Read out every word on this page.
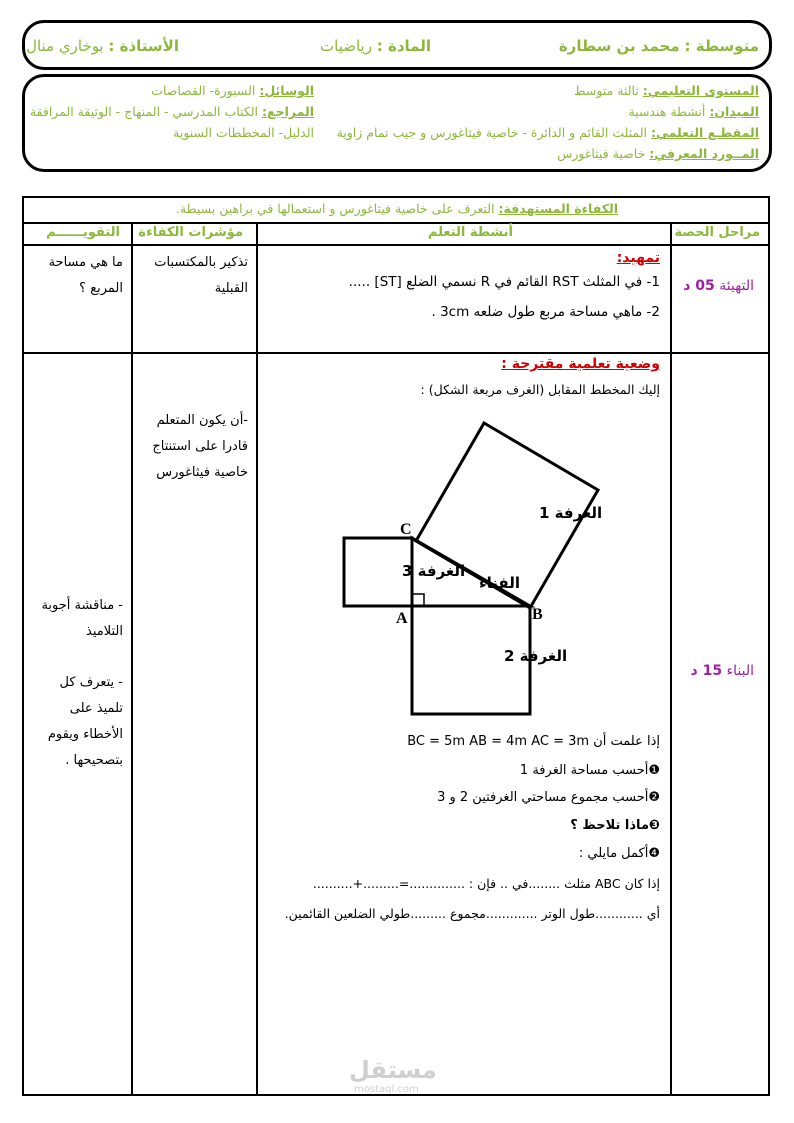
متوسطة : محمد بن سطارة
المادة : رياضيات
الأستاذة : بوخاري منال
المستوى التعليمي: ثالثة متوسط
الميدان: أنشطة هندسية
المقطـع التعلمي: المثلث القائم و الدائرة - خاصية فيثاغورس و جيب تمام زاوية
المــورد المعرفي: خاصية فيثاغورس
الوسائل: السبورة- القصاصات
المراجع: الكتاب المدرسي - المنهاج - الوثيقة المرافقة
الدليل- المخططات السنوية
الكفاءة المستهدفة: التعرف على خاصية فيثاغورس و استعمالها في براهين بسيطة.
مراحل الحصة
أنشطة التعلم
مؤشرات الكفاءة
التقويــــــم
التهيئة 05 د
تمهيد:
1- في المثلث RST القائم في R نسمي الضلع [ST] .....
2- ماهي مساحة مربع طول ضلعه 3cm .
تذكير بالمكتسبات القبلية
ما هي مساحة المربع ؟
البناء 15 د
وضعية تعلمية مقترحة :
إليك المخطط المقابل (الغرف مربعة الشكل) :
C
A	B
الغرفة 1
الغرفة 3
الفناء
الغرفة 2
إذا علمت أن BC = 5m AB = 4m AC = 3m
❶أحسب مساحة الغرفة 1
❷أحسب مجموع مساحتي الغرفتين 2 و 3
❸ماذا تلاحظ ؟
❹أكمل مايلي :
إذا كان ABC مثلث ........في .. فإن : ..............=.........+..........
أي ............طول الوتر .............مجموع .........طولي الضلعين القائمين.
-أن يكون المتعلم قادرا على استنتاج خاصية فيثاغورس
- مناقشة أجوبة التلاميذ
- يتعرف كل تلميذ على الأخطاء ويقوم بتصحيحها .
مستقل
mostaql.com
